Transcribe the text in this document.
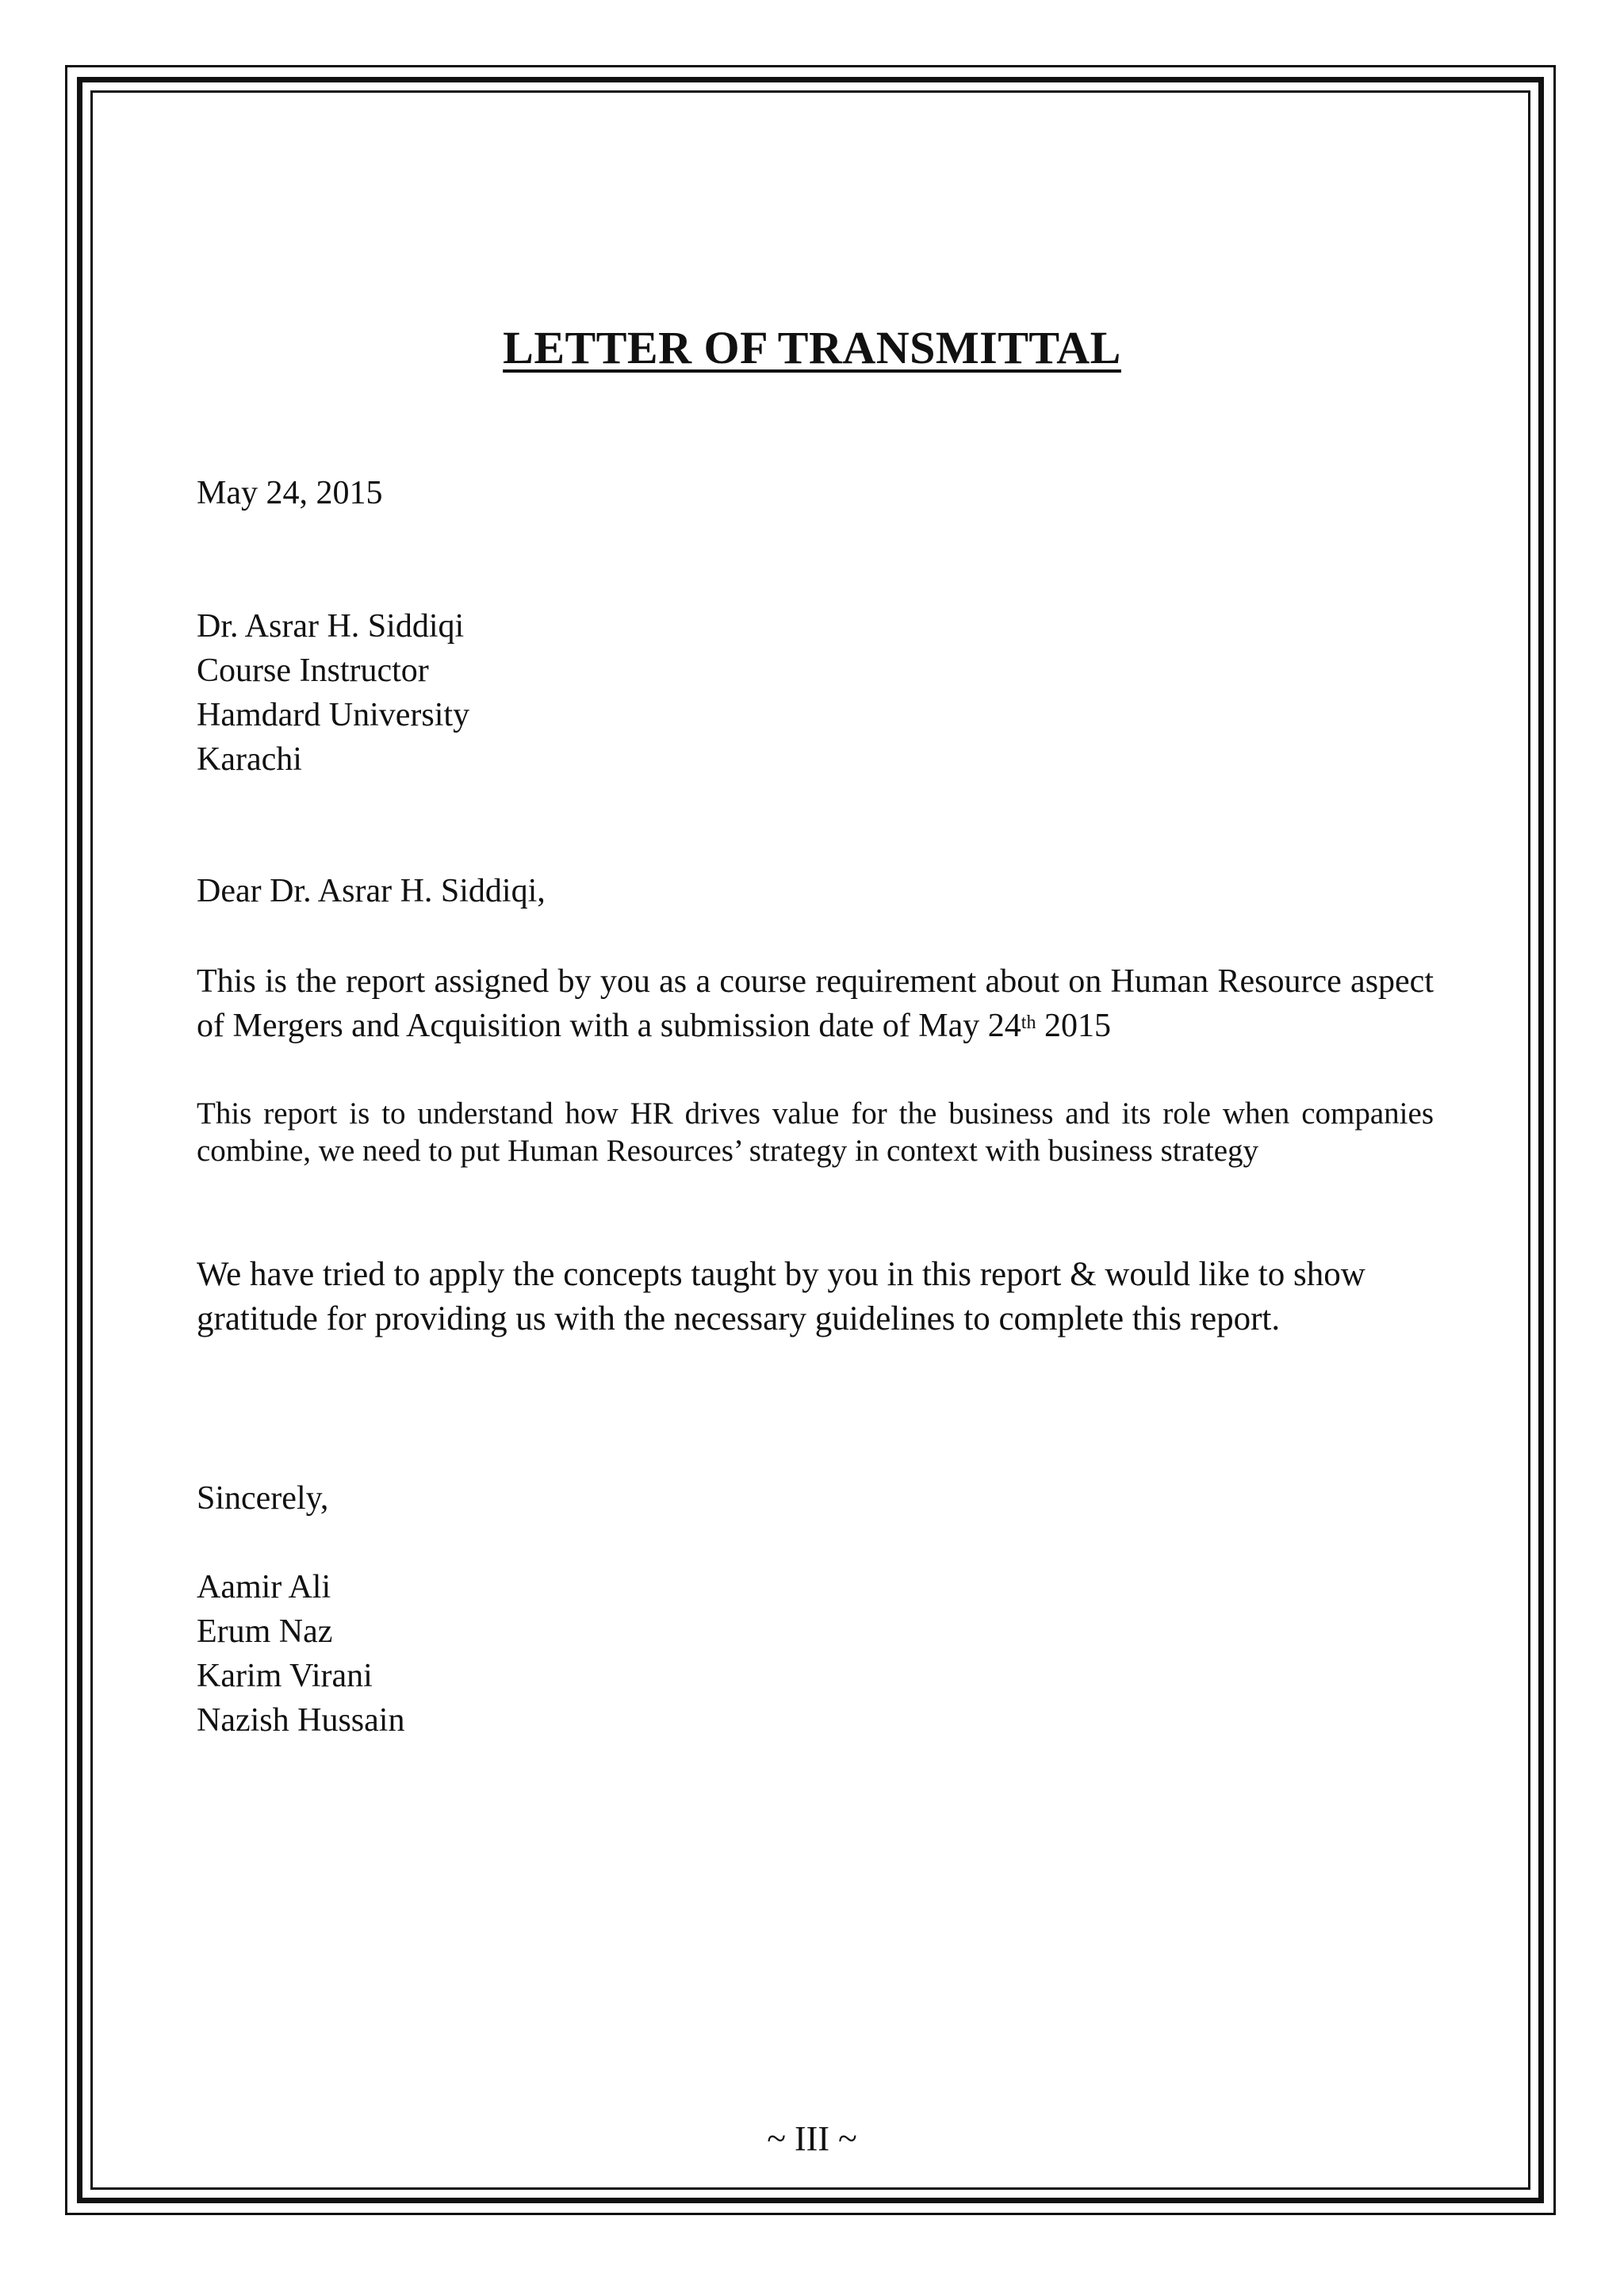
LETTER OF TRANSMITTAL
May 24, 2015
Dr. Asrar H. Siddiqi
Course Instructor
Hamdard University
Karachi
Dear Dr. Asrar H. Siddiqi,
This is the report assigned by you as a course requirement about on Human Resource aspect of Mergers and Acquisition with a submission date of May 24th 2015
This report is to understand how HR drives value for the business and its role when companies combine, we need to put Human Resources’ strategy in context with business strategy
We have tried to apply the concepts taught by you in this report & would like to show gratitude for providing us with the necessary guidelines to complete this report.
Sincerely,
Aamir Ali
Erum Naz
Karim Virani
Nazish Hussain
~ III ~
